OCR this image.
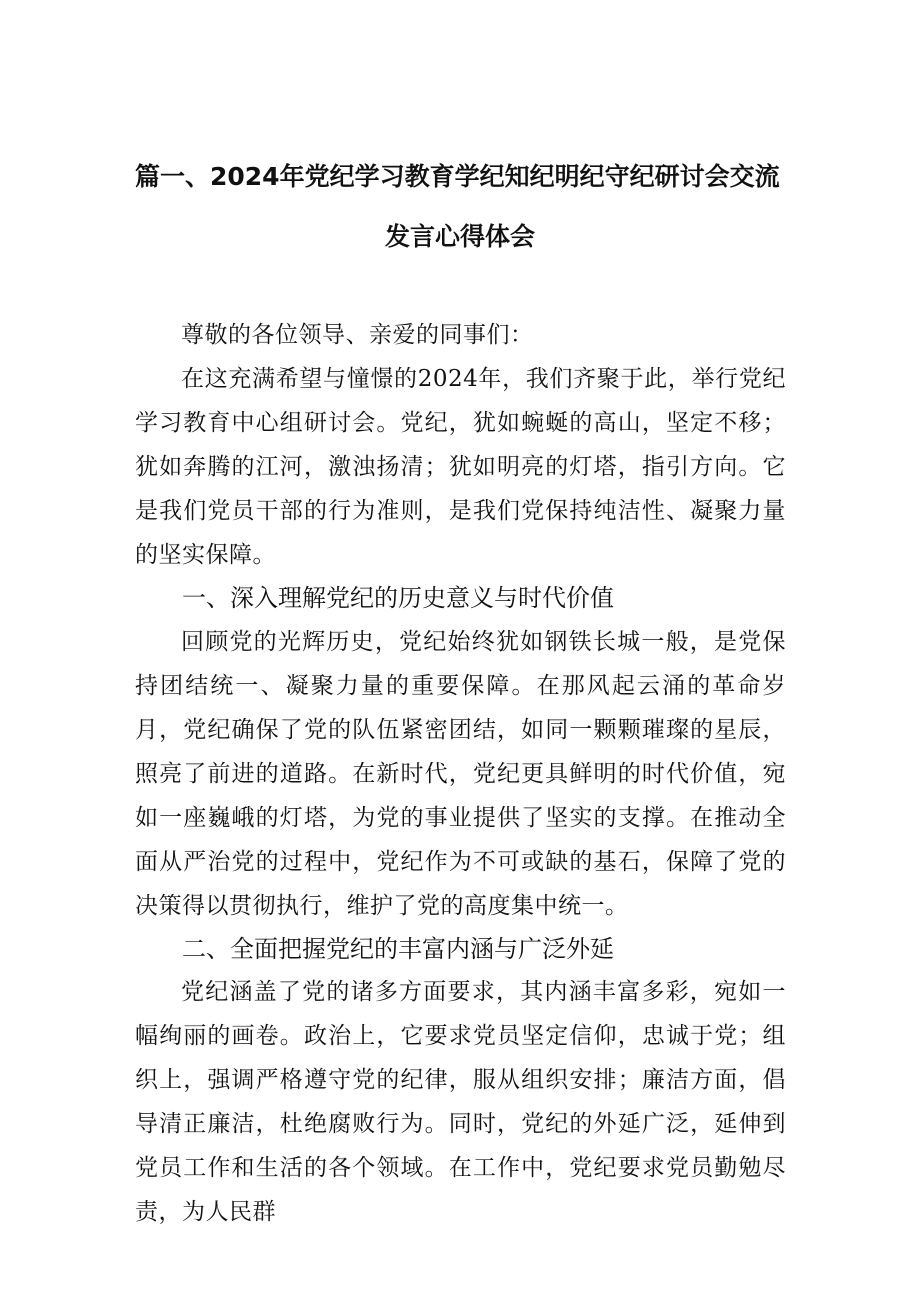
篇一、2024年党纪学习教育学纪知纪明纪守纪研讨会交流
发言心得体会

尊敬的各位领导、亲爱的同事们：

在这充满希望与憧憬的2024年，我们齐聚于此，举行党纪学习教育中心组研讨会。党纪，犹如蜿蜒的高山，坚定不移；犹如奔腾的江河，激浊扬清；犹如明亮的灯塔，指引方向。它是我们党员干部的行为准则，是我们党保持纯洁性、凝聚力量的坚实保障。

一、深入理解党纪的历史意义与时代价值

回顾党的光辉历史，党纪始终犹如钢铁长城一般，是党保持团结统一、凝聚力量的重要保障。在那风起云涌的革命岁月，党纪确保了党的队伍紧密团结，如同一颗颗璀璨的星辰，照亮了前进的道路。在新时代，党纪更具鲜明的时代价值，宛如一座巍峨的灯塔，为党的事业提供了坚实的支撑。在推动全面从严治党的过程中，党纪作为不可或缺的基石，保障了党的决策得以贯彻执行，维护了党的高度集中统一。

二、全面把握党纪的丰富内涵与广泛外延

党纪涵盖了党的诸多方面要求，其内涵丰富多彩，宛如一幅绚丽的画卷。政治上，它要求党员坚定信仰，忠诚于党；组织上，强调严格遵守党的纪律，服从组织安排；廉洁方面，倡导清正廉洁，杜绝腐败行为。同时，党纪的外延广泛，延伸到党员工作和生活的各个领域。在工作中，党纪要求党员勤勉尽责，为人民群
